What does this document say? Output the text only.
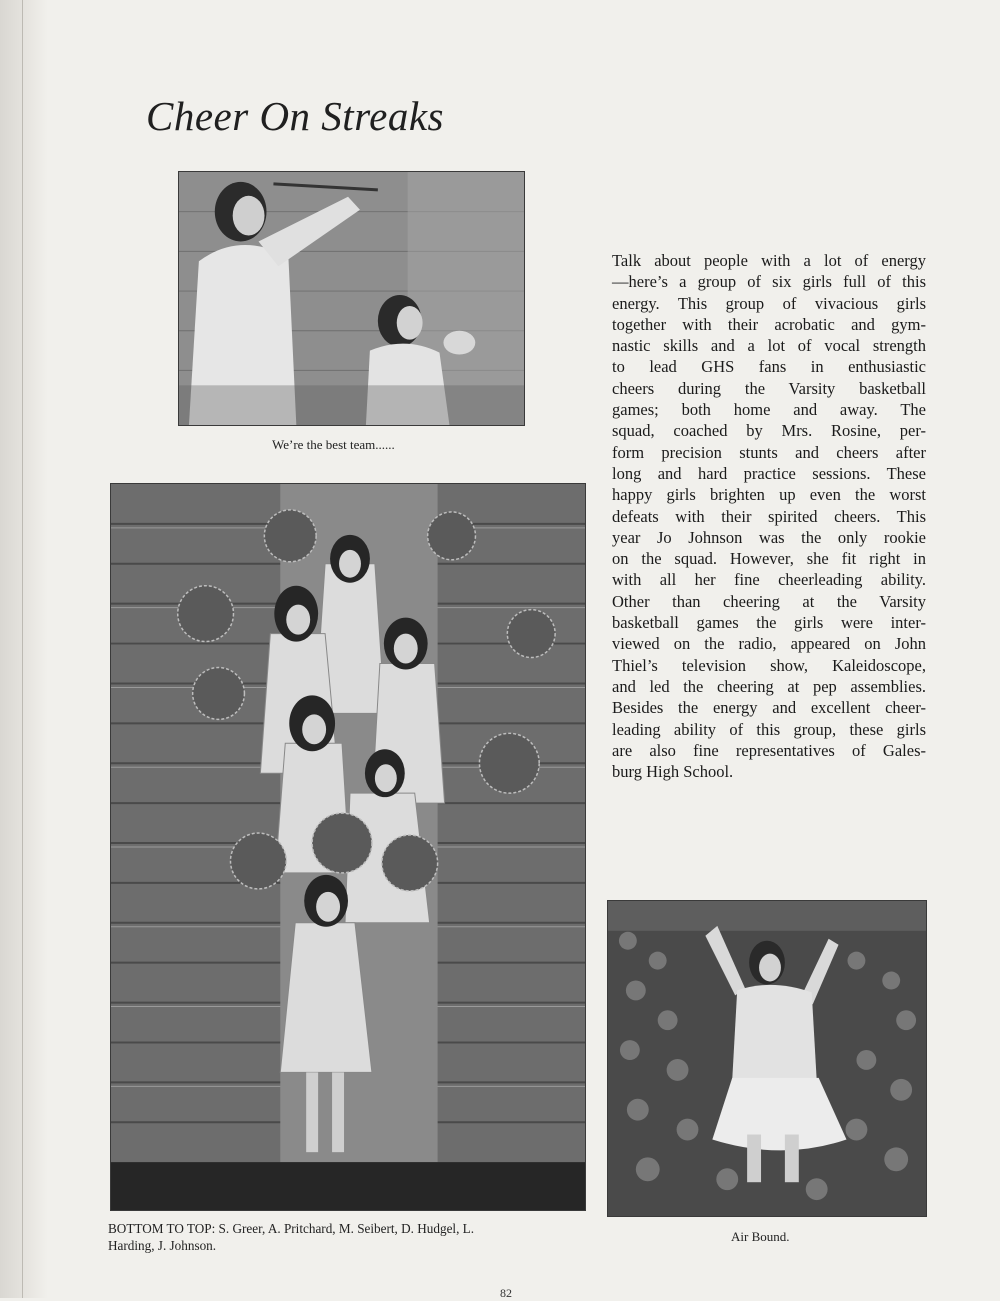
Cheer On Streaks
We’re the best team......
BOTTOM TO TOP: S. Greer, A. Pritchard, M. Seibert, D. Hudgel, L.
Harding, J. Johnson.
Talk about people with a lot of energy
—here’s a group of six girls full of this
energy. This group of vivacious girls
together with their acrobatic and gym-
nastic skills and a lot of vocal strength
to lead GHS fans in enthusiastic
cheers during the Varsity basketball
games; both home and away. The
squad, coached by Mrs. Rosine, per-
form precision stunts and cheers after
long and hard practice sessions. These
happy girls brighten up even the worst
defeats with their spirited cheers. This
year Jo Johnson was the only rookie
on the squad. However, she fit right in
with all her fine cheerleading ability.
Other than cheering at the Varsity
basketball games the girls were inter-
viewed on the radio, appeared on John
Thiel’s television show, Kaleidoscope,
and led the cheering at pep assemblies.
Besides the energy and excellent cheer-
leading ability of this group, these girls
are also fine representatives of Gales-
burg High School.
Air Bound.
82
